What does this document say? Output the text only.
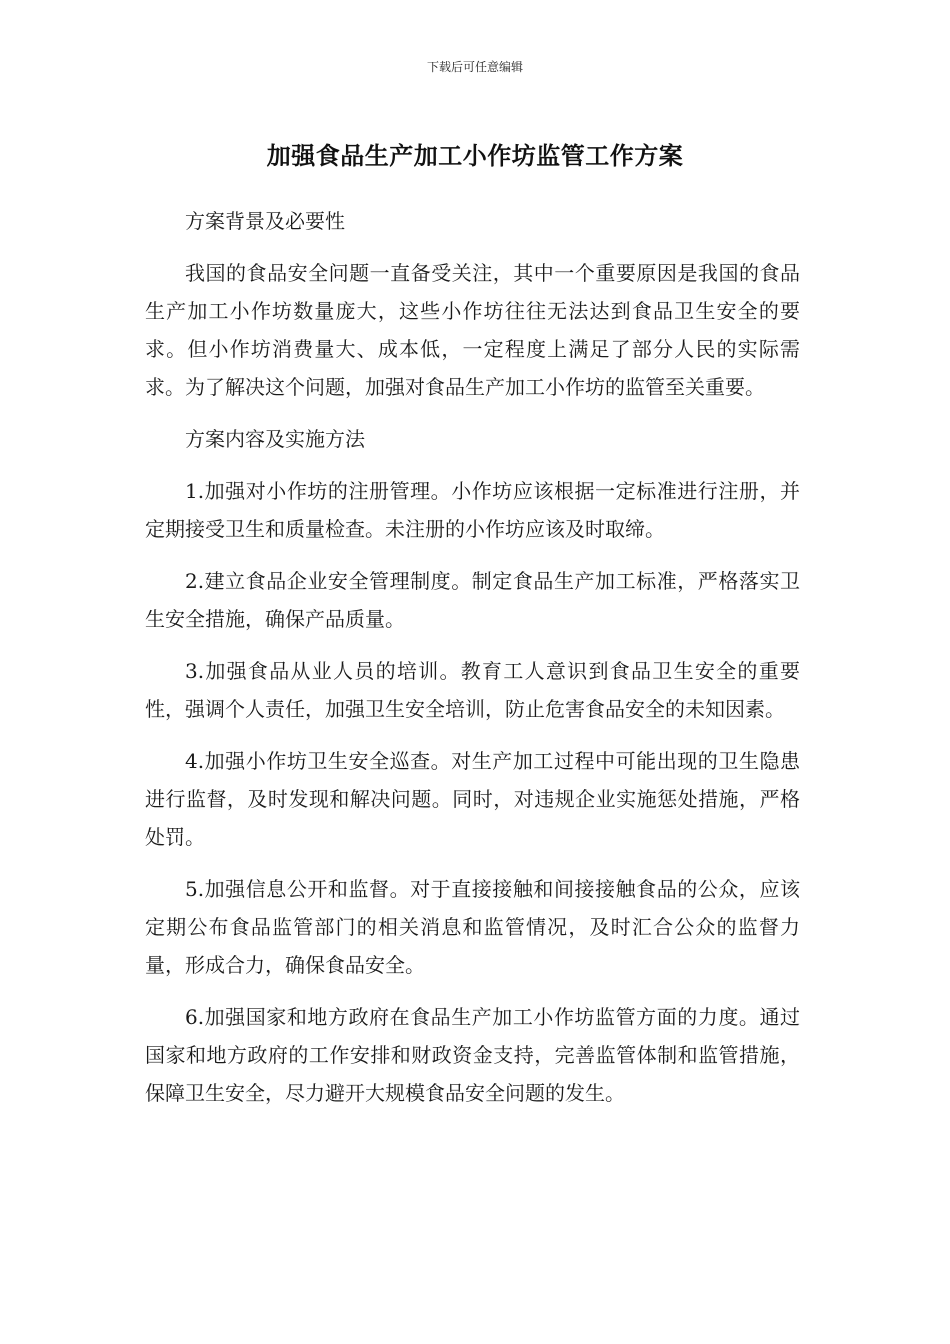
下载后可任意编辑
加强食品生产加工小作坊监管工作方案

方案背景及必要性

我国的食品安全问题一直备受关注，其中一个重要原因是我国的食品生产加工小作坊数量庞大，这些小作坊往往无法达到食品卫生安全的要求。但小作坊消费量大、成本低，一定程度上满足了部分人民的实际需求。为了解决这个问题，加强对食品生产加工小作坊的监管至关重要。

方案内容及实施方法

1.加强对小作坊的注册管理。小作坊应该根据一定标准进行注册，并定期接受卫生和质量检查。未注册的小作坊应该及时取缔。

2.建立食品企业安全管理制度。制定食品生产加工标准，严格落实卫生安全措施，确保产品质量。

3.加强食品从业人员的培训。教育工人意识到食品卫生安全的重要性，强调个人责任，加强卫生安全培训，防止危害食品安全的未知因素。

4.加强小作坊卫生安全巡查。对生产加工过程中可能出现的卫生隐患进行监督，及时发现和解决问题。同时，对违规企业实施惩处措施，严格处罚。

5.加强信息公开和监督。对于直接接触和间接接触食品的公众，应该定期公布食品监管部门的相关消息和监管情况，及时汇合公众的监督力量，形成合力，确保食品安全。

6.加强国家和地方政府在食品生产加工小作坊监管方面的力度。通过国家和地方政府的工作安排和财政资金支持，完善监管体制和监管措施，保障卫生安全，尽力避开大规模食品安全问题的发生。
